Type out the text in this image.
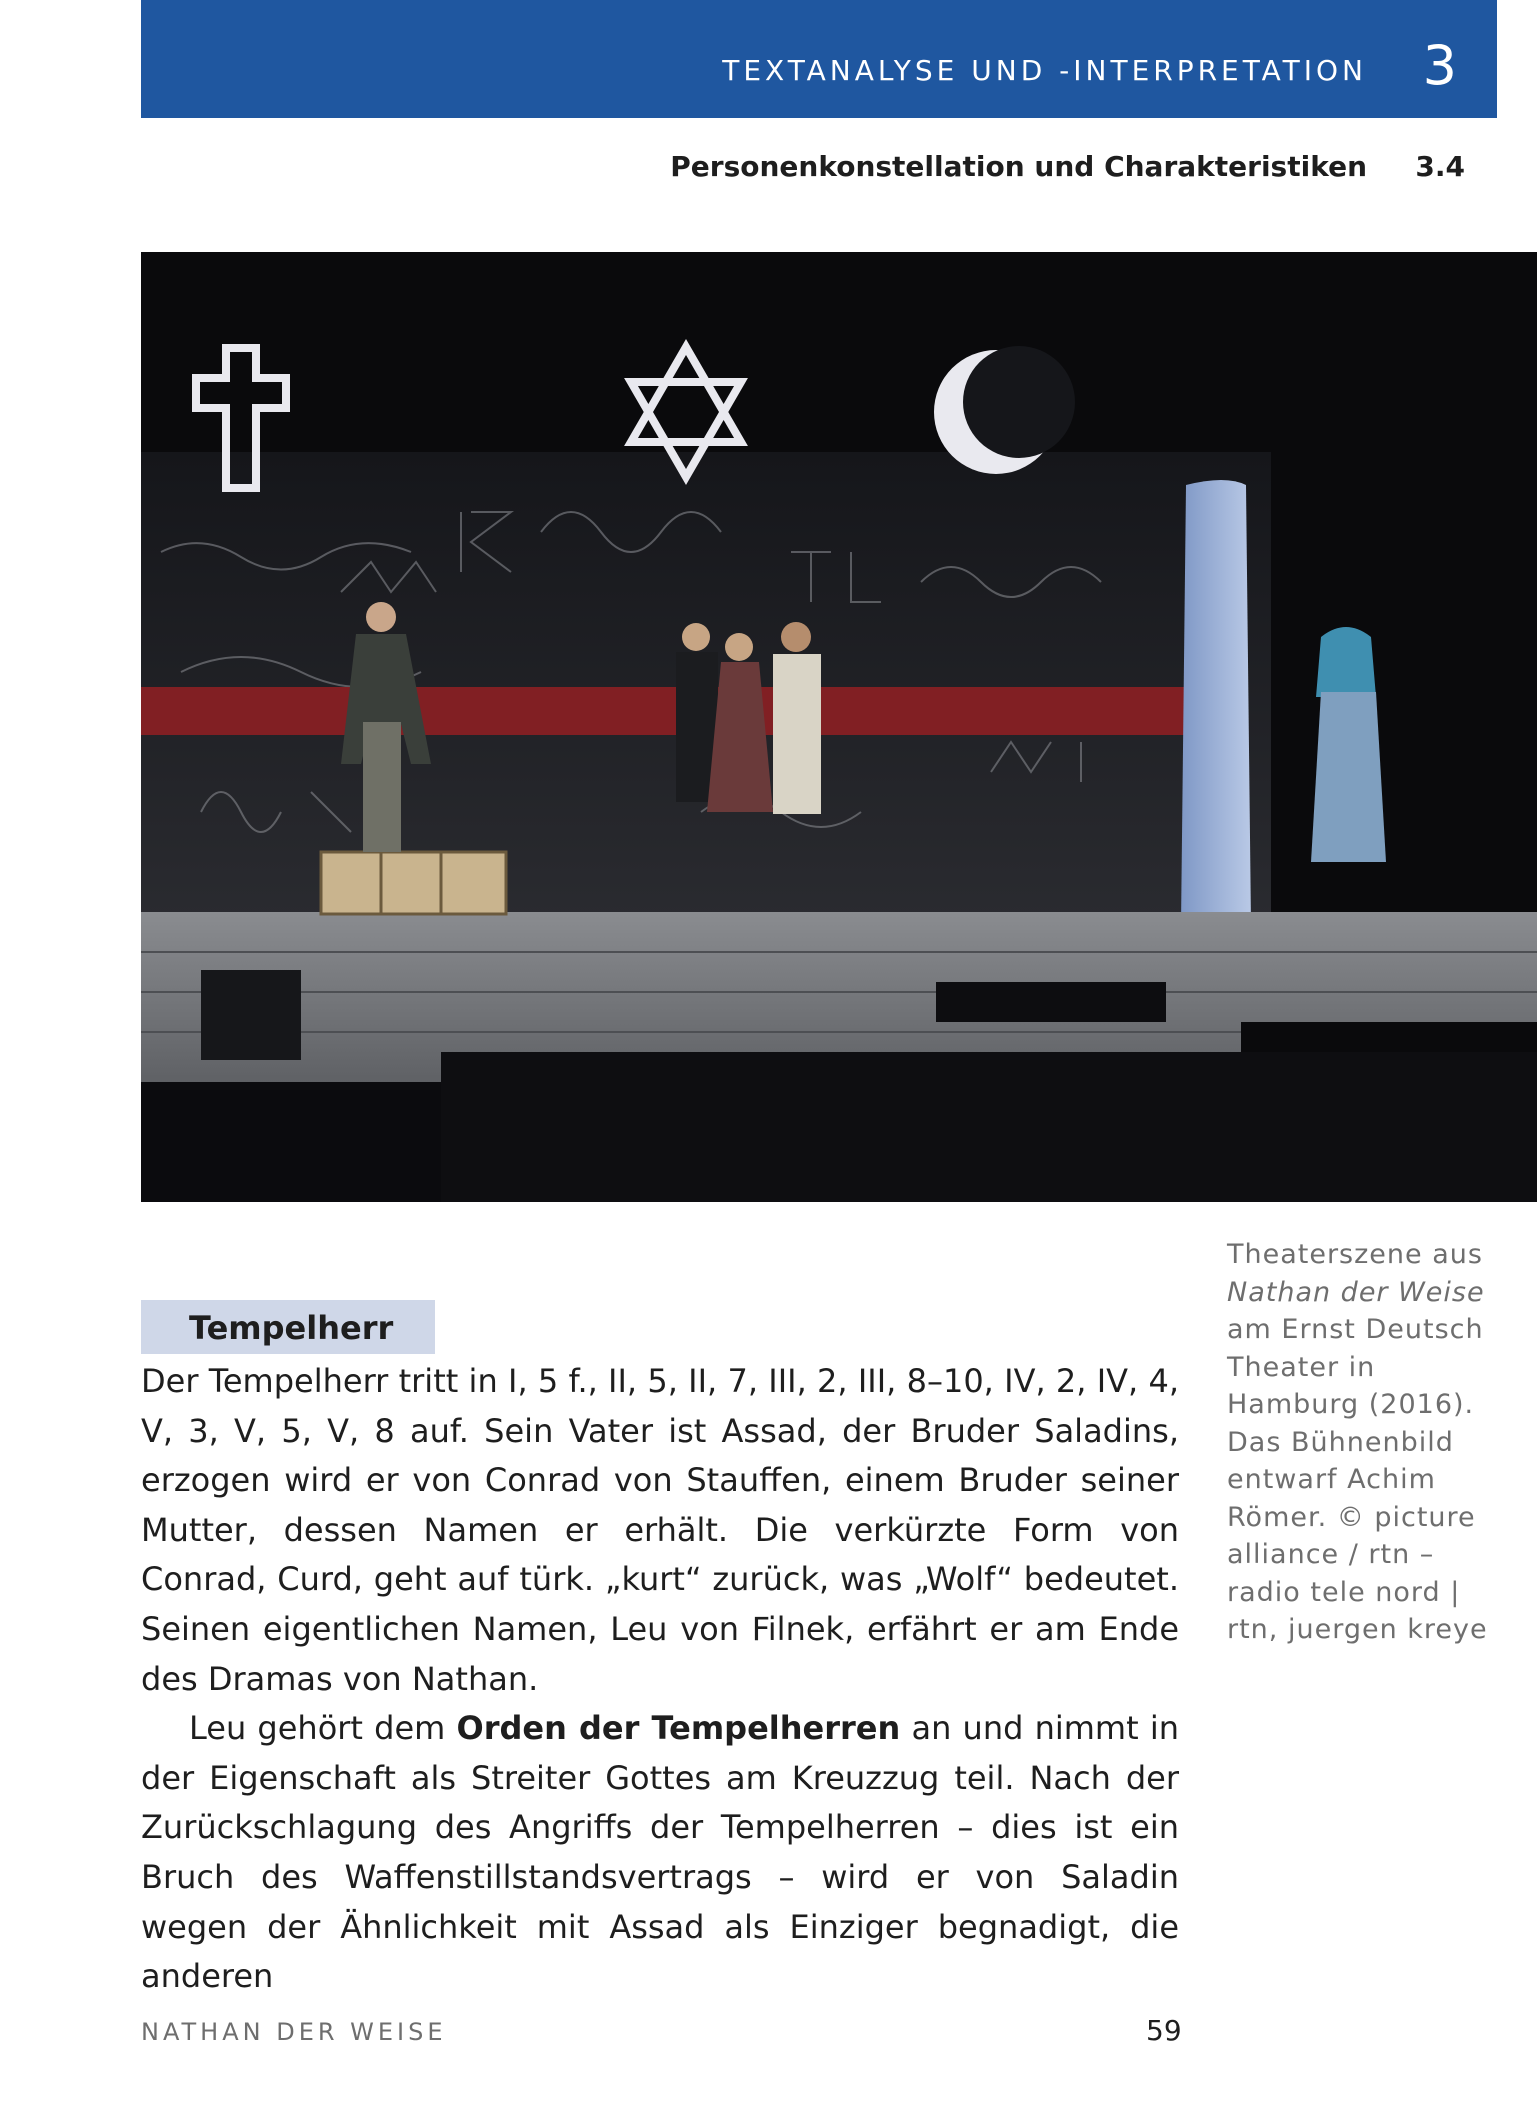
TEXTANALYSE UND -INTERPRETATION 3
Personenkonstellation und Charakteristiken 3.4
Theaterszene aus Nathan der Weise am Ernst Deutsch Theater in Hamburg (2016). Das Bühnenbild entwarf Achim Römer. © picture alliance / rtn – radio tele nord | rtn, juergen kreye
Tempelherr

Der Tempelherr tritt in I, 5 f., II, 5, II, 7, III, 2, III, 8–10, IV, 2, IV, 4, V, 3, V, 5, V, 8 auf. Sein Vater ist Assad, der Bruder Saladins, erzogen wird er von Conrad von Stauffen, einem Bruder seiner Mutter, dessen Namen er erhält. Die verkürzte Form von Conrad, Curd, geht auf türk. „kurt“ zurück, was „Wolf“ bedeutet. Seinen eigentlichen Namen, Leu von Filnek, erfährt er am Ende des Dramas von Nathan.

Leu gehört dem Orden der Tempelherren an und nimmt in der Eigenschaft als Streiter Gottes am Kreuzzug teil. Nach der Zurückschlagung des Angriffs der Tempelherren – dies ist ein Bruch des Waffenstillstandsvertrags – wird er von Saladin wegen der Ähnlichkeit mit Assad als Einziger begnadigt, die anderen

NATHAN DER WEISE	59
